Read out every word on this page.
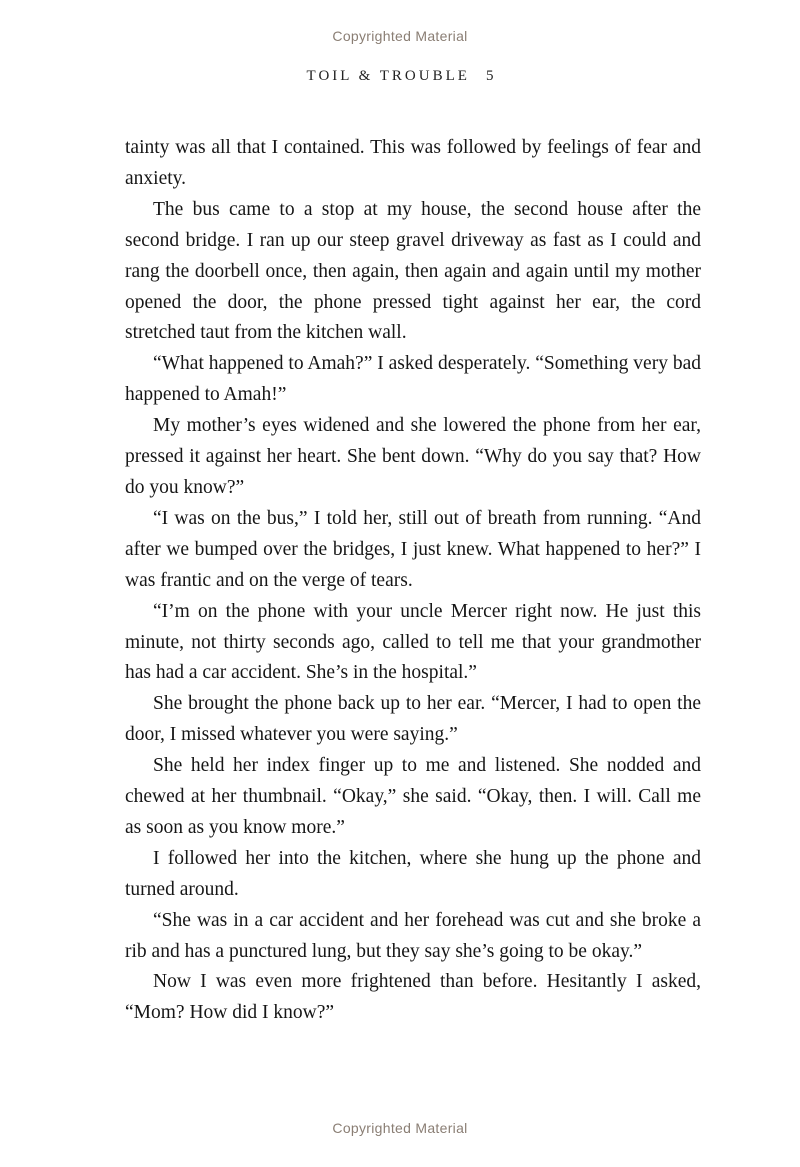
Copyrighted Material
TOIL & TROUBLE 5

tainty was all that I contained. This was followed by feelings of fear and anxiety.

The bus came to a stop at my house, the second house after the second bridge. I ran up our steep gravel driveway as fast as I could and rang the doorbell once, then again, then again and again until my mother opened the door, the phone pressed tight against her ear, the cord stretched taut from the kitchen wall.

“What happened to Amah?” I asked desperately. “Something very bad happened to Amah!”

My mother’s eyes widened and she lowered the phone from her ear, pressed it against her heart. She bent down. “Why do you say that? How do you know?”

“I was on the bus,” I told her, still out of breath from running. “And after we bumped over the bridges, I just knew. What happened to her?” I was frantic and on the verge of tears.

“I’m on the phone with your uncle Mercer right now. He just this minute, not thirty seconds ago, called to tell me that your grandmother has had a car accident. She’s in the hospital.”

She brought the phone back up to her ear. “Mercer, I had to open the door, I missed whatever you were saying.”

She held her index finger up to me and listened. She nodded and chewed at her thumbnail. “Okay,” she said. “Okay, then. I will. Call me as soon as you know more.”

I followed her into the kitchen, where she hung up the phone and turned around.

“She was in a car accident and her forehead was cut and she broke a rib and has a punctured lung, but they say she’s going to be okay.”

Now I was even more frightened than before. Hesitantly I asked, “Mom? How did I know?”

Copyrighted Material
